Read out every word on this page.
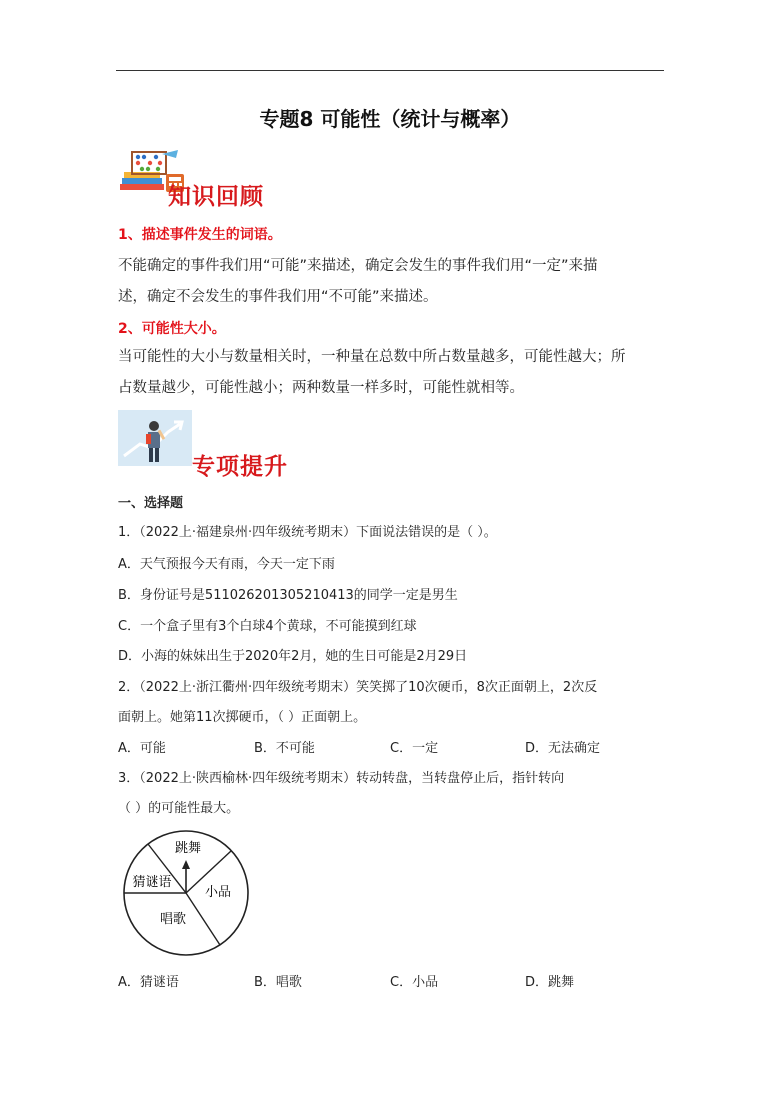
专题8 可能性（统计与概率）
知识回顾
1、描述事件发生的词语。
不能确定的事件我们用“可能”来描述，确定会发生的事件我们用“一定”来描
述，确定不会发生的事件我们用“不可能”来描述。
2、可能性大小。
当可能性的大小与数量相关时，一种量在总数中所占数量越多，可能性越大；所
占数量越少，可能性越小；两种数量一样多时，可能性就相等。
专项提升
一、选择题
1．（2022上·福建泉州·四年级统考期末）下面说法错误的是（ ）。
A．天气预报今天有雨，今天一定下雨
B．身份证号是511026201305210413的同学一定是男生
C．一个盒子里有3个白球4个黄球，不可能摸到红球
D．小海的妹妹出生于2020年2月，她的生日可能是2月29日
2．（2022上·浙江衢州·四年级统考期末）笑笑掷了10次硬币，8次正面朝上，2次反
面朝上。她第11次掷硬币，（ ）正面朝上。
A．可能	B．不可能	C．一定	D．无法确定
3．（2022上·陕西榆林·四年级统考期末）转动转盘，当转盘停止后，指针转向
（ ）的可能性最大。
跳舞
小品
唱歌
猜谜语
A．猜谜语	B．唱歌	C．小品	D．跳舞
